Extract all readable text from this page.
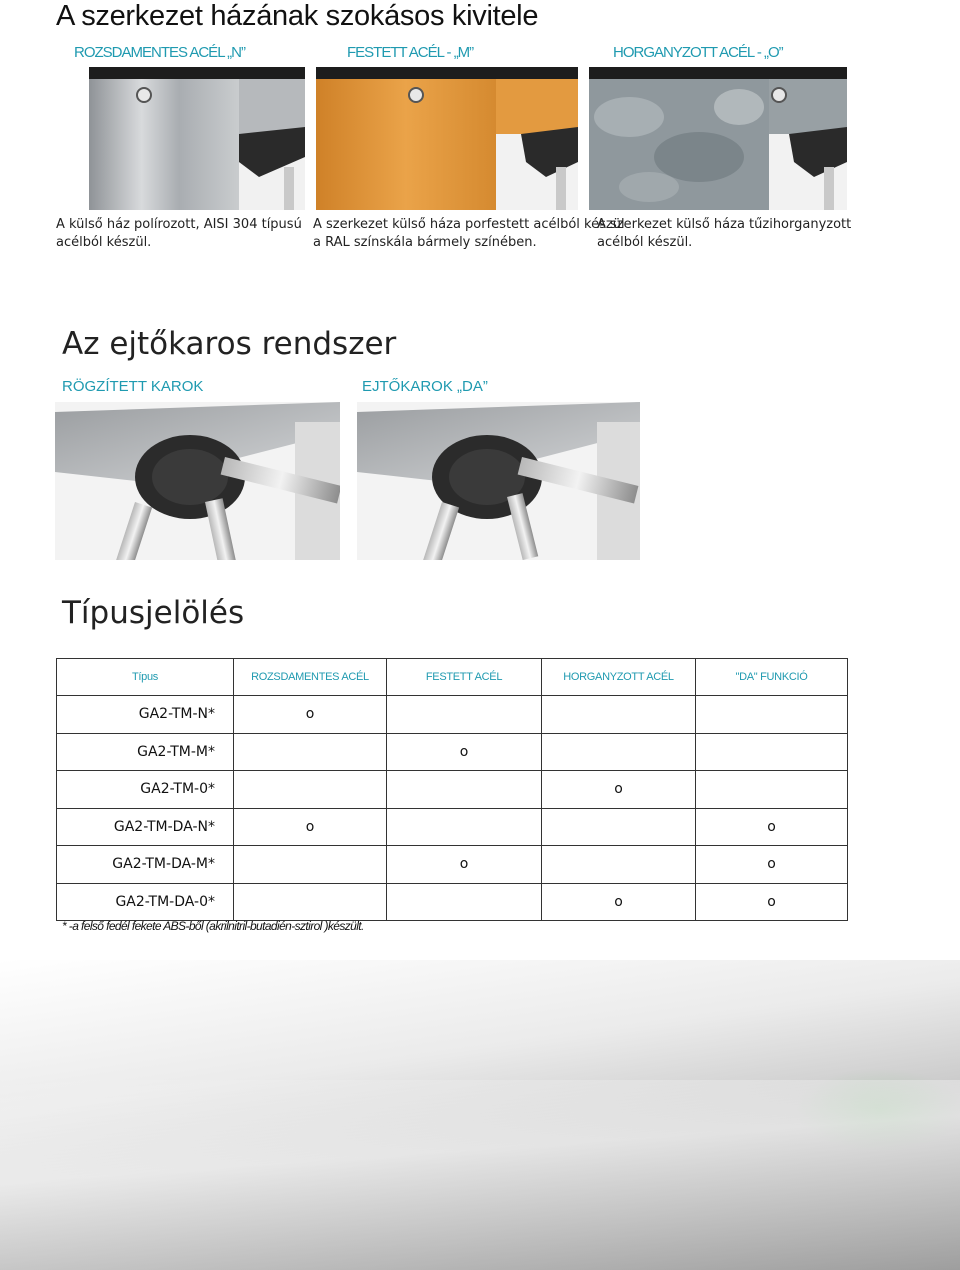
A szerkezet házának szokásos kivitele
ROZSDAMENTES ACÉL „N”	FESTETT ACÉL - „M”	HORGANYZOTT ACÉL - „O”
A külső ház polírozott, AISI 304 típusú
acélból készül.
A szerkezet külső háza porfestett acélból készül
a RAL színskála bármely színében.
A szerkezet külső háza tűzihorganyzott
acélból készül.
Az ejtőkaros rendszer
RÖGZÍTETT KAROK	EJTŐKAROK „DA”
Típusjelölés
Típus	ROZSDAMENTES ACÉL	FESTETT ACÉL	HORGANYZOTT ACÉL	"DA" FUNKCIÓ
GA2-TM-N*	o			
GA2-TM-M*		o		
GA2-TM-0*			o	
GA2-TM-DA-N*	o			o
GA2-TM-DA-M*		o		o
GA2-TM-DA-0*			o	o
* -a felső fedél fekete ABS-ből (akrilnitril-butadién-sztirol )készült.
